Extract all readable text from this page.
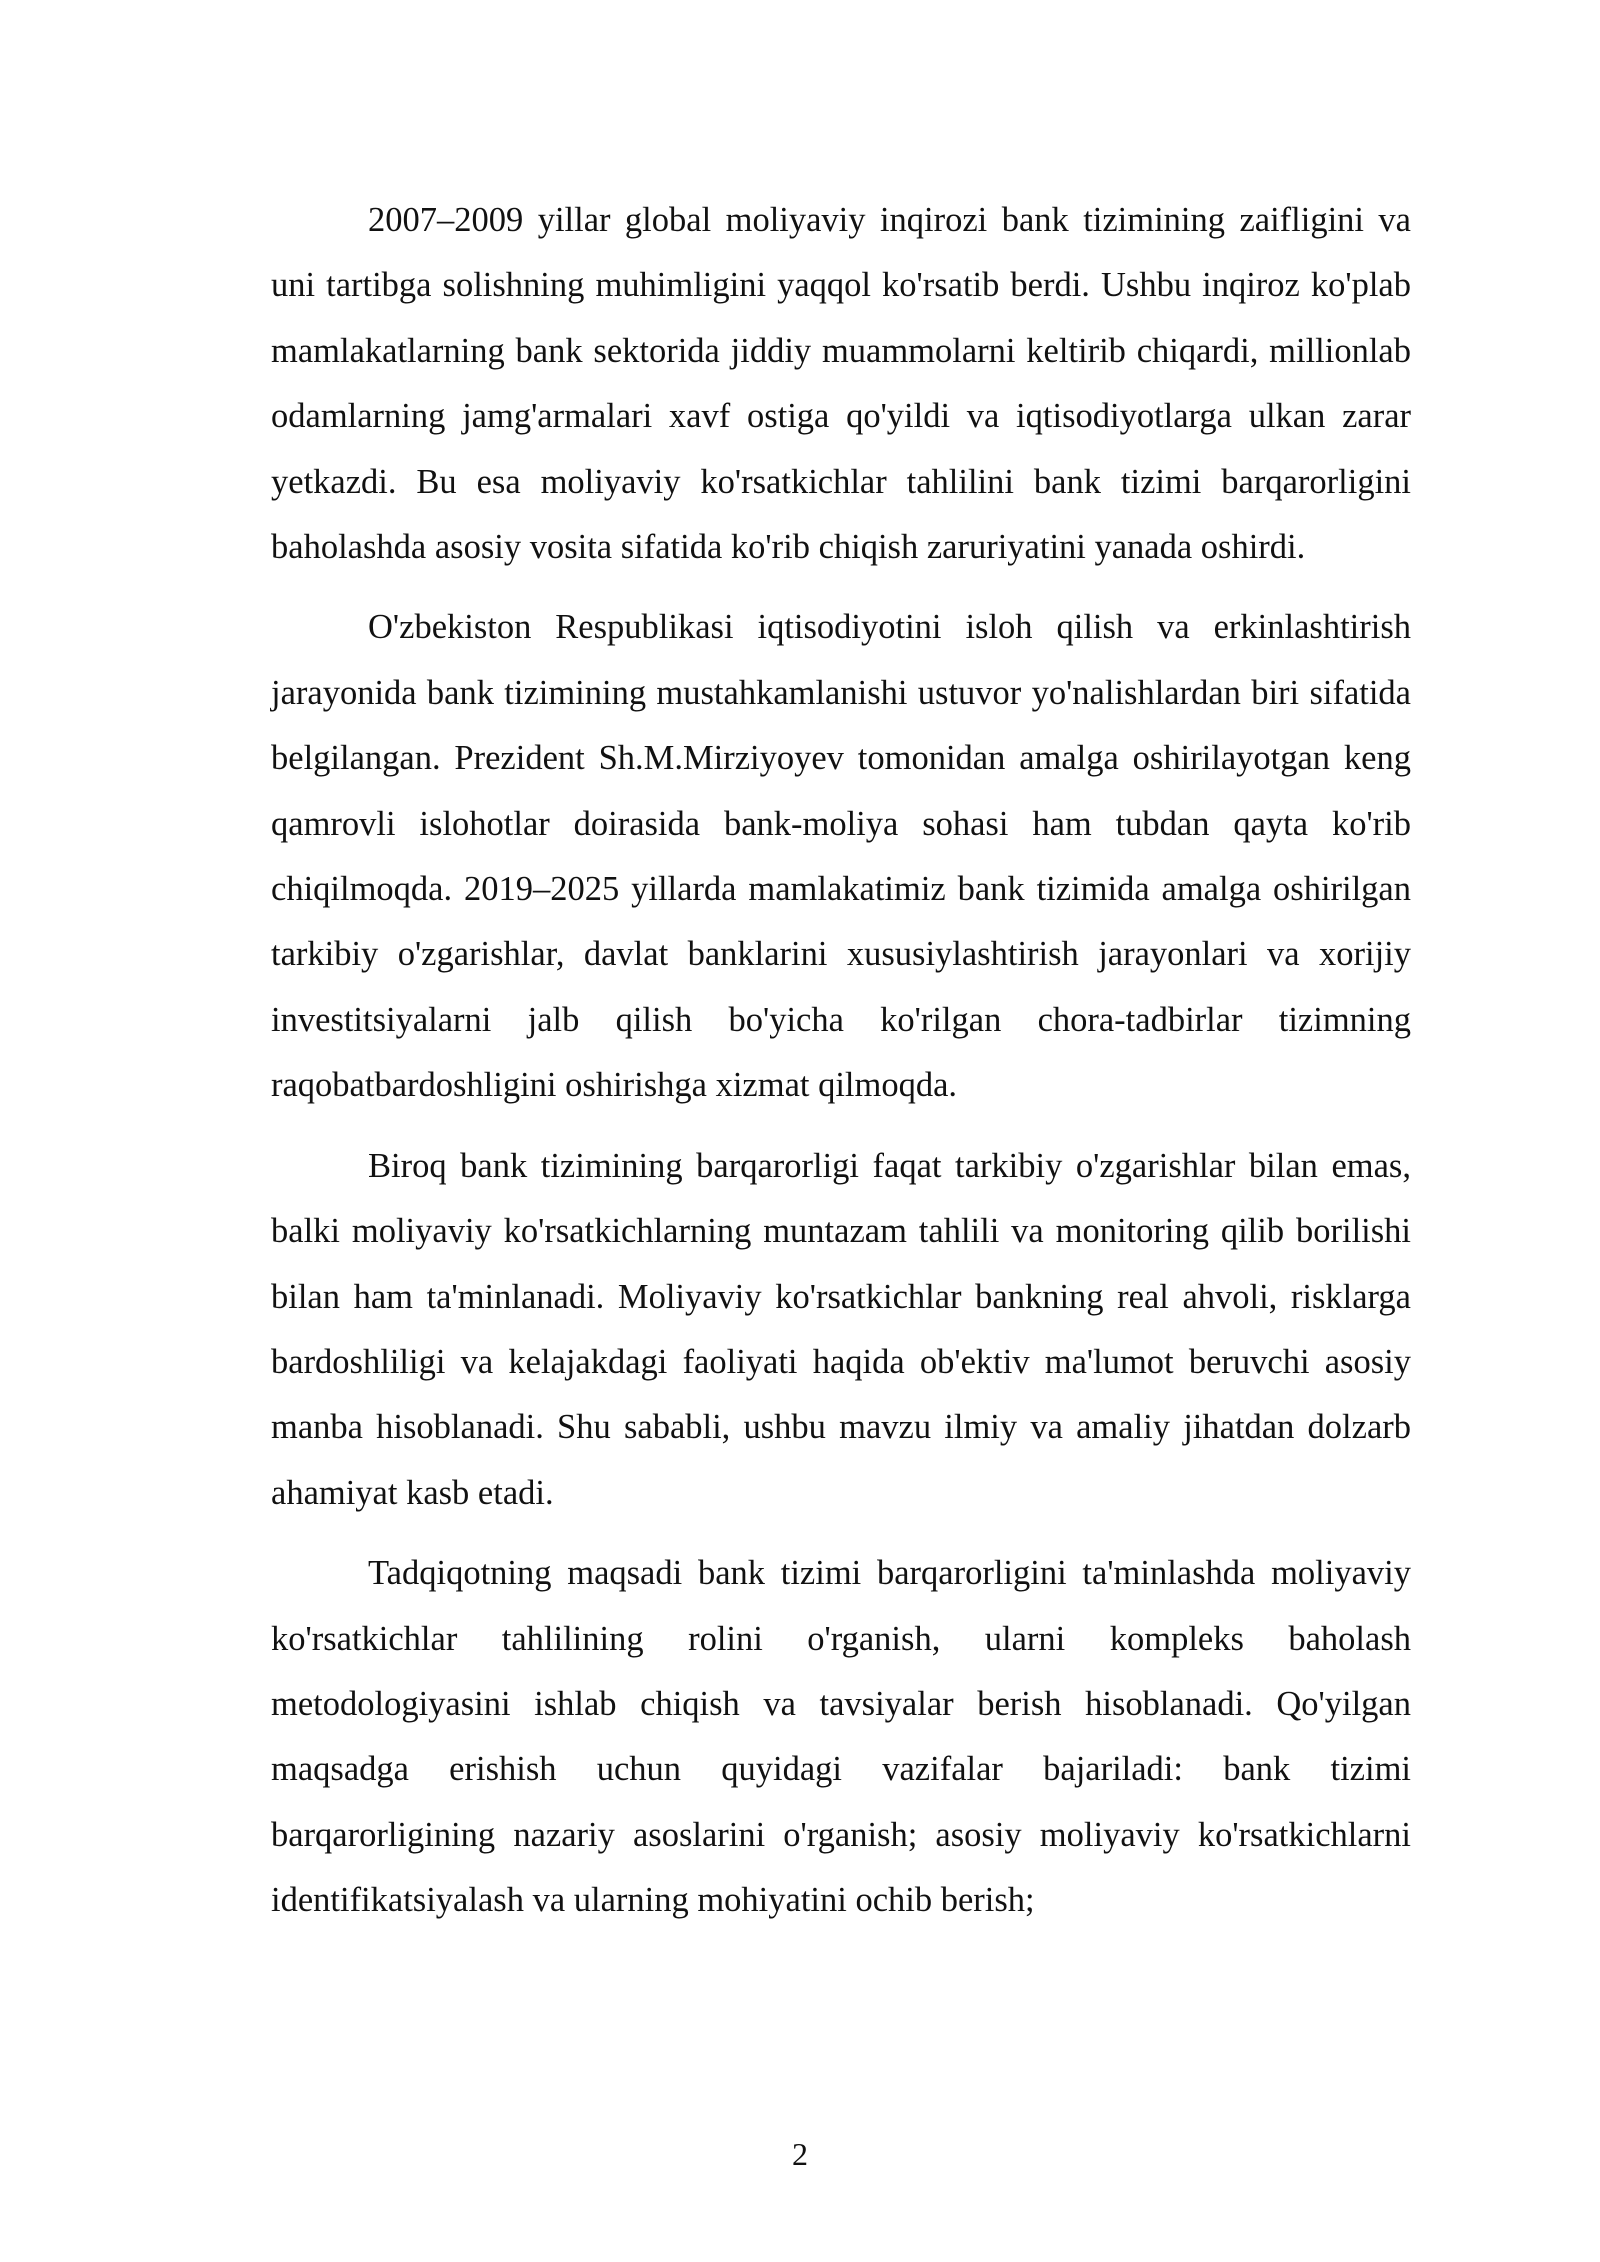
2007–2009 yillar global moliyaviy inqirozi bank tizimining zaifligini va uni tartibga solishning muhimligini yaqqol ko'rsatib berdi. Ushbu inqiroz ko'plab mamlakatlarning bank sektorida jiddiy muammolarni keltirib chiqardi, millionlab odamlarning jamg'armalari xavf ostiga qo'yildi va iqtisodiyotlarga ulkan zarar yetkazdi. Bu esa moliyaviy ko'rsatkichlar tahlilini bank tizimi barqarorligini baholashda asosiy vosita sifatida ko'rib chiqish zaruriyatini yanada oshirdi.

O'zbekiston Respublikasi iqtisodiyotini isloh qilish va erkinlashtirish jarayonida bank tizimining mustahkamlanishi ustuvor yo'nalishlardan biri sifatida belgilangan. Prezident Sh.M.Mirziyoyev tomonidan amalga oshirilayotgan keng qamrovli islohotlar doirasida bank-moliya sohasi ham tubdan qayta ko'rib chiqilmoqda. 2019–2025 yillarda mamlakatimiz bank tizimida amalga oshirilgan tarkibiy o'zgarishlar, davlat banklarini xususiylashtirish jarayonlari va xorijiy investitsiyalarni jalb qilish bo'yicha ko'rilgan chora-tadbirlar tizimning raqobatbardoshligini oshirishga xizmat qilmoqda.

Biroq bank tizimining barqarorligi faqat tarkibiy o'zgarishlar bilan emas, balki moliyaviy ko'rsatkichlarning muntazam tahlili va monitoring qilib borilishi bilan ham ta'minlanadi. Moliyaviy ko'rsatkichlar bankning real ahvoli, risklarga bardoshliligi va kelajakdagi faoliyati haqida ob'ektiv ma'lumot beruvchi asosiy manba hisoblanadi. Shu sababli, ushbu mavzu ilmiy va amaliy jihatdan dolzarb ahamiyat kasb etadi.

Tadqiqotning maqsadi bank tizimi barqarorligini ta'minlashda moliyaviy ko'rsatkichlar tahlilining rolini o'rganish, ularni kompleks baholash metodologiyasini ishlab chiqish va tavsiyalar berish hisoblanadi. Qo'yilgan maqsadga erishish uchun quyidagi vazifalar bajariladi: bank tizimi barqarorligining nazariy asoslarini o'rganish; asosiy moliyaviy ko'rsatkichlarni identifikatsiyalash va ularning mohiyatini ochib berish;

2
